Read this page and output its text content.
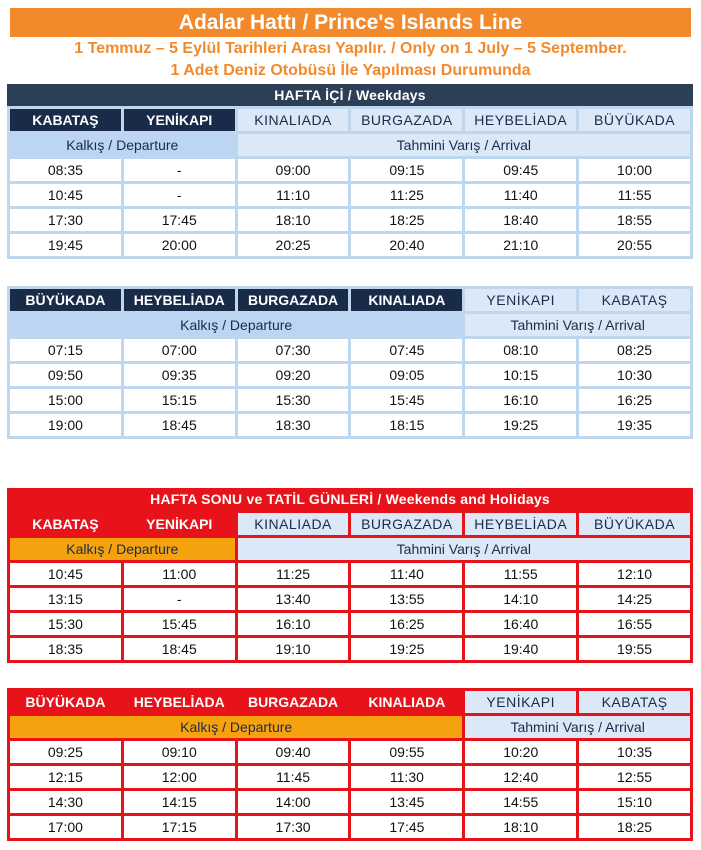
Adalar Hattı / Prince's Islands Line
1 Temmuz – 5 Eylül Tarihleri Arası Yapılır. / Only on 1 July – 5 September.
1 Adet Deniz Otobüsü İle Yapılması Durumunda
HAFTA İÇİ / Weekdays
KABATAŞ	YENİKAPI	KINALIADA	BURGAZADA	HEYBELİADA	BÜYÜKADA
Kalkış / Departure		Tahmini Varış / Arrival			
08:35	-	09:00	09:15	09:45	10:00
10:45	-	11:10	11:25	11:40	11:55
17:30	17:45	18:10	18:25	18:40	18:55
19:45	20:00	20:25	20:40	21:10	20:55
BÜYÜKADA	HEYBELİADA	BURGAZADA	KINALIADA	YENİKAPI	KABATAŞ
Kalkış / Departure				Tahmini Varış / Arrival	
07:15	07:00	07:30	07:45	08:10	08:25
09:50	09:35	09:20	09:05	10:15	10:30
15:00	15:15	15:30	15:45	16:10	16:25
19:00	18:45	18:30	18:15	19:25	19:35
HAFTA SONU ve TATİL GÜNLERİ / Weekends and Holidays
KABATAŞ	YENİKAPI	KINALIADA	BURGAZADA	HEYBELİADA	BÜYÜKADA
Kalkış / Departure		Tahmini Varış / Arrival			
10:45	11:00	11:25	11:40	11:55	12:10
13:15	-	13:40	13:55	14:10	14:25
15:30	15:45	16:10	16:25	16:40	16:55
18:35	18:45	19:10	19:25	19:40	19:55
BÜYÜKADA	HEYBELİADA	BURGAZADA	KINALIADA	YENİKAPI	KABATAŞ
Kalkış / Departure				Tahmini Varış / Arrival	
09:25	09:10	09:40	09:55	10:20	10:35
12:15	12:00	11:45	11:30	12:40	12:55
14:30	14:15	14:00	13:45	14:55	15:10
17:00	17:15	17:30	17:45	18:10	18:25
